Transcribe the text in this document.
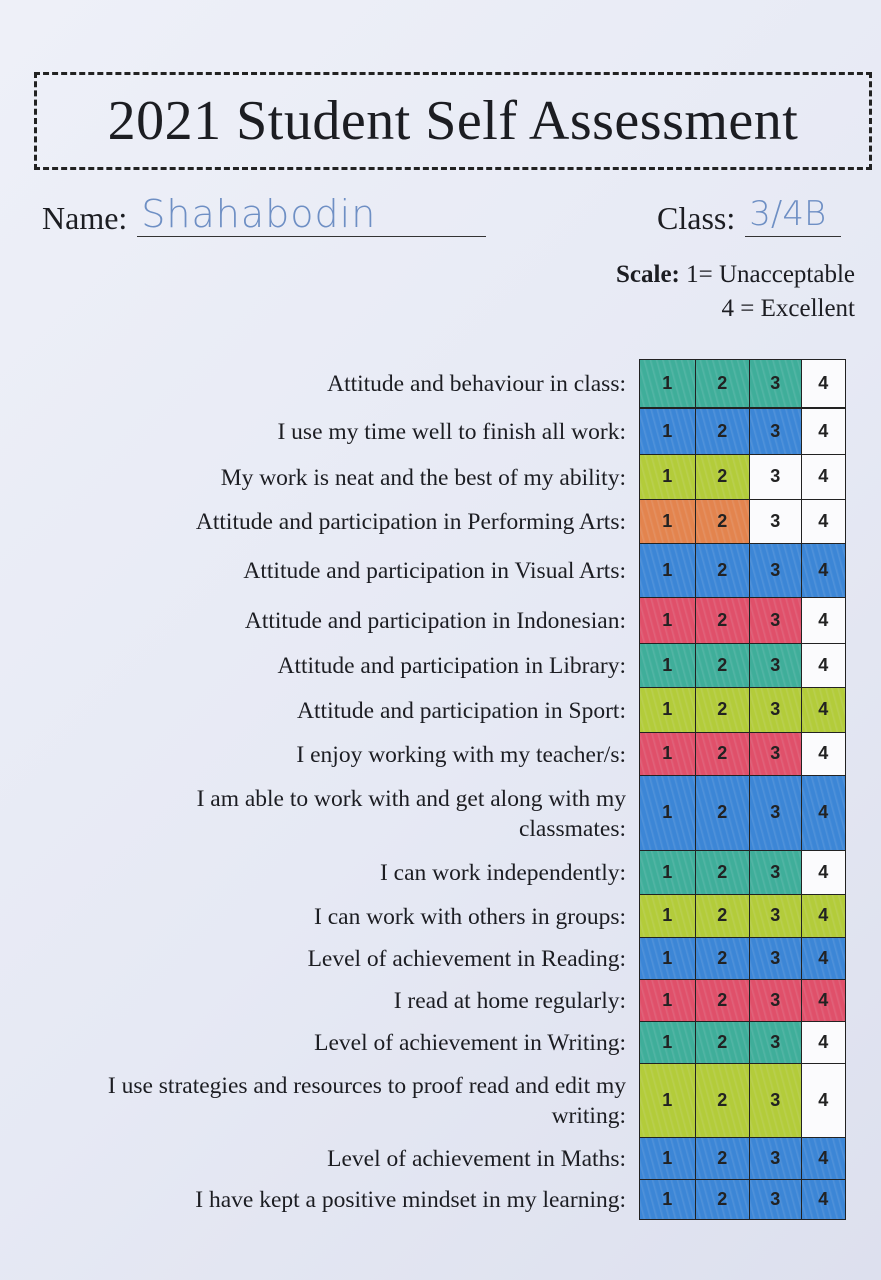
2021 Student Self Assessment
Name: Shahabodin	Class: 3/4B
Scale: 1= Unacceptable
4 = Excellent
Attitude and behaviour in class:	1	2	3	4
I use my time well to finish all work:	1	2	3	4
My work is neat and the best of my ability:	1	2	3	4
Attitude and participation in Performing Arts:	1	2	3	4
Attitude and participation in Visual Arts:	1	2	3	4
Attitude and participation in Indonesian:	1	2	3	4
Attitude and participation in Library:	1	2	3	4
Attitude and participation in Sport:	1	2	3	4
I enjoy working with my teacher/s:	1	2	3	4
I am able to work with and get along with my classmates:
1	2	3	4
I can work independently:	1	2	3	4
I can work with others in groups:	1	2	3	4
Level of achievement in Reading:	1	2	3	4
I read at home regularly:	1	2	3	4
Level of achievement in Writing:	1	2	3	4
I use strategies and resources to proof read and edit my writing:
1	2	3	4
Level of achievement in Maths:	1	2	3	4
I have kept a positive mindset in my learning:	1	2	3	4
